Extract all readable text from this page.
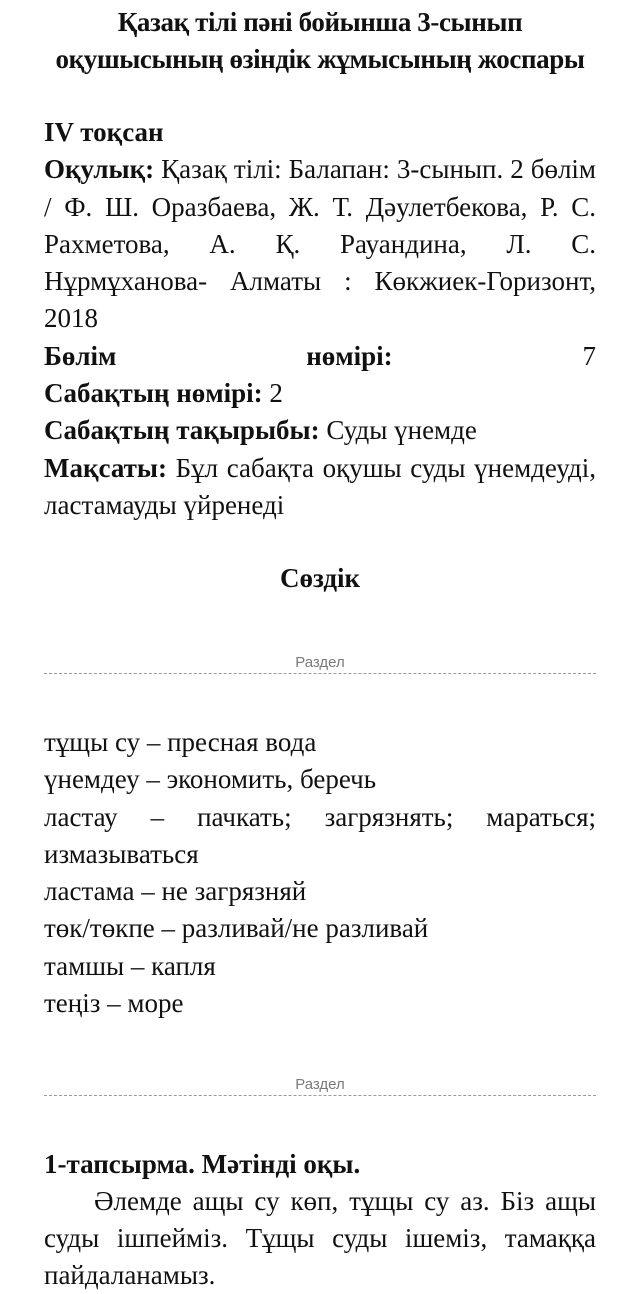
Қазақ тілі пәні бойынша 3-сынып оқушысының өзіндік жұмысының жоспары

IV тоқсан

Оқулық: Қазақ тілі: Балапан: 3-сынып. 2 бөлім / Ф. Ш. Оразбаева, Ж. Т. Дәулетбекова, Р. С. Рахметова, А. Қ. Рауандина, Л. С. Нұрмұханова- Алматы : Көкжиек-Горизонт, 2018

Бөлім	нөмірі:	7

Сабақтың нөмірі: 2

Сабақтың тақырыбы: Суды үнемде

Мақсаты: Бұл сабақта оқушы суды үнемдеуді, ластамауды үйренеді

Сөздік
Раздел

тұщы су – пресная вода

үнемдеу – экономить, беречь

ластау – пачкать; загрязнять; мараться; измазываться

ластама – не загрязняй

төк/төкпе – разливай/не разливай

тамшы – капля

теңіз – море

Раздел

1-тапсырма. Мәтінді оқы.

Әлемде ащы су көп, тұщы су аз. Біз ащы суды ішпейміз. Тұщы суды ішеміз, тамаққа пайдаланамыз.
